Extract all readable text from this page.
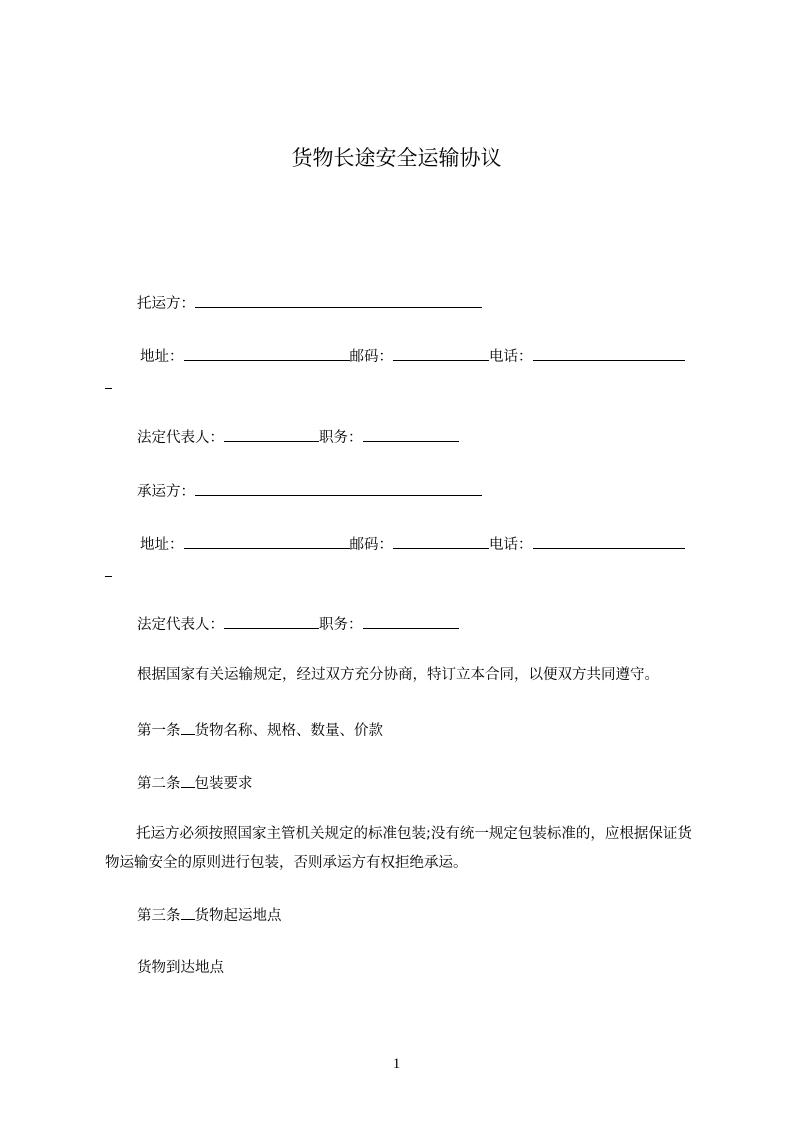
货物长途安全运输协议
托运方：
地址：	邮码：	电话：
法定代表人：	职务：
承运方：
地址：	邮码：	电话：
法定代表人：	职务：
根据国家有关运输规定，经过双方充分协商，特订立本合同，以便双方共同遵守。
第一条 货物名称、规格、数量、价款
第二条 包装要求
托运方必须按照国家主管机关规定的标准包装;没有统一规定包装标准的，应根据保证货物运输安全的原则进行包装，否则承运方有权拒绝承运。
第三条 货物起运地点
货物到达地点
1
